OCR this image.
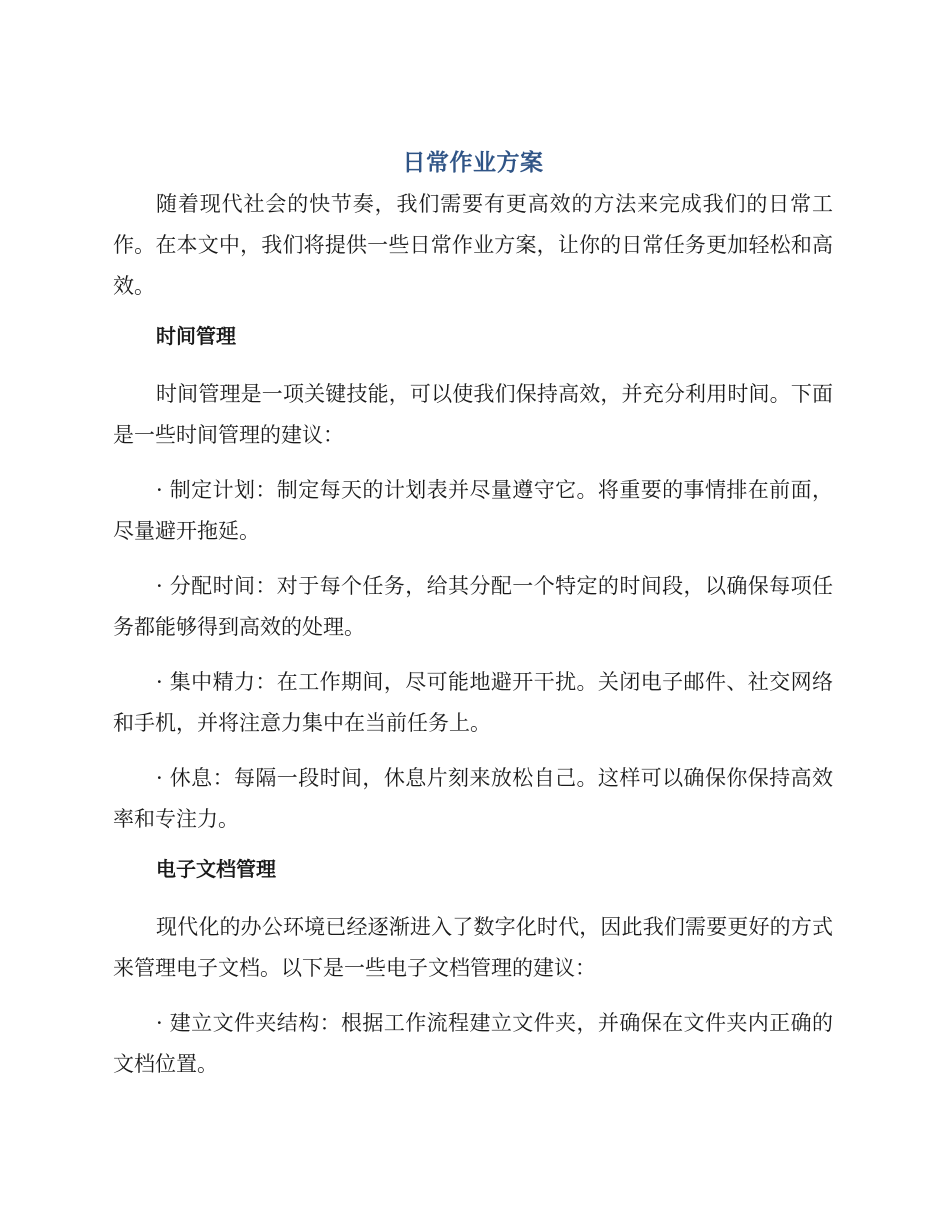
日常作业方案

随着现代社会的快节奏，我们需要有更高效的方法来完成我们的日常工作。在本文中，我们将提供一些日常作业方案，让你的日常任务更加轻松和高效。

时间管理

时间管理是一项关键技能，可以使我们保持高效，并充分利用时间。下面是一些时间管理的建议：

· 制定计划：制定每天的计划表并尽量遵守它。将重要的事情排在前面，尽量避开拖延。

· 分配时间：对于每个任务，给其分配一个特定的时间段，以确保每项任务都能够得到高效的处理。

· 集中精力：在工作期间，尽可能地避开干扰。关闭电子邮件、社交网络和手机，并将注意力集中在当前任务上。

· 休息：每隔一段时间，休息片刻来放松自己。这样可以确保你保持高效率和专注力。

电子文档管理

现代化的办公环境已经逐渐进入了数字化时代，因此我们需要更好的方式来管理电子文档。以下是一些电子文档管理的建议：

· 建立文件夹结构：根据工作流程建立文件夹，并确保在文件夹内正确的文档位置。
